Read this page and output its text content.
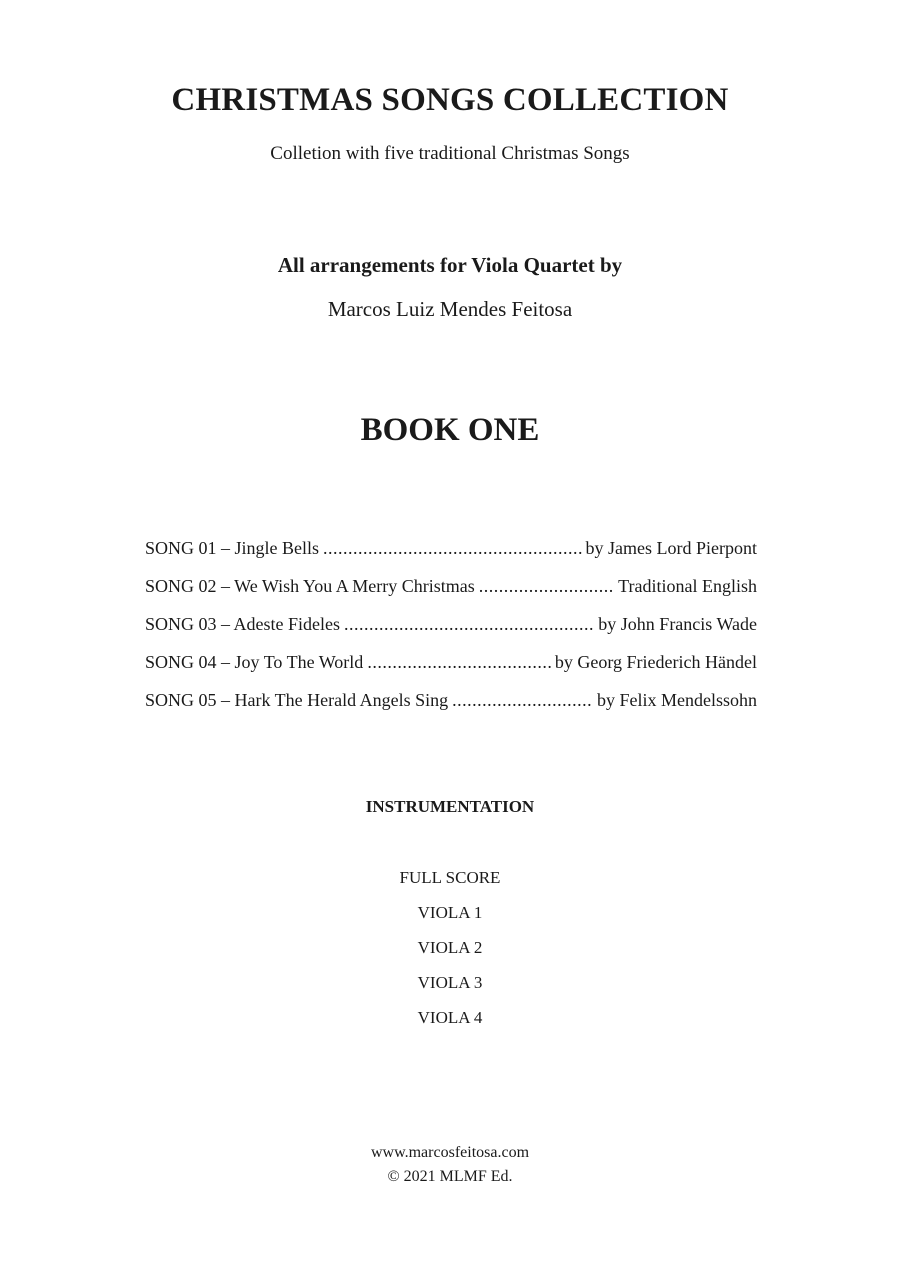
CHRISTMAS SONGS COLLECTION
Colletion with five traditional Christmas Songs
All arrangements for Viola Quartet by
Marcos Luiz Mendes Feitosa
BOOK ONE
SONG 01 – Jingle Bells .....	by James Lord Pierpont
SONG 02 – We Wish You A Merry Christmas .....	Traditional English
SONG 03 – Adeste Fideles .....	by John Francis Wade
SONG 04 – Joy To The World .....	by Georg Friederich Händel
SONG 05 – Hark The Herald Angels Sing .....	by Felix Mendelssohn
INSTRUMENTATION
FULL SCORE
VIOLA 1
VIOLA 2
VIOLA 3
VIOLA 4
www.marcosfeitosa.com
© 2021 MLMF Ed.
